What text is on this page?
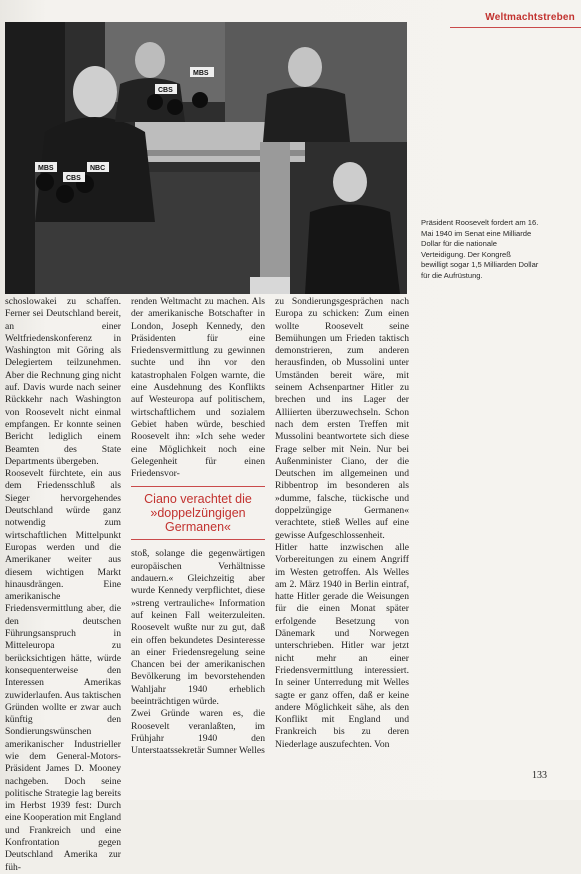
Weltmachtstreben
MBS
CBS
NBC
CBS
MBS
Präsident Roosevelt fordert am 16. Mai 1940 im Senat eine Milliarde Dollar für die nationale Verteidigung. Der Kongreß bewilligt sogar 1,5 Milliarden Dollar für die Aufrüstung.

schoslowakei zu schaffen. Ferner sei Deutschland bereit, an einer Weltfriedenskonferenz in Washington mit Göring als Delegiertem teilzunehmen. Aber die Rechnung ging nicht auf. Davis wurde nach seiner Rückkehr nach Washington von Roosevelt nicht einmal empfangen. Er konnte seinen Bericht lediglich einem Beamten des State Departments übergeben.

Roosevelt fürchtete, ein aus dem Friedensschluß als Sieger hervorgehendes Deutschland würde ganz notwendig zum wirtschaftlichen Mittelpunkt Europas werden und die Amerikaner weiter aus diesem wichtigen Markt hinausdrängen. Eine amerikanische Friedensvermittlung aber, die den deutschen Führungsanspruch in Mitteleuropa zu berücksichtigen hätte, würde konsequenterweise den Interessen Amerikas zuwiderlaufen. Aus taktischen Gründen wollte er zwar auch künftig den Sondierungswünschen amerikanischer Industrieller wie dem General-Motors-Präsident James D. Mooney nachgeben. Doch seine politische Strategie lag bereits im Herbst 1939 fest: Durch eine Kooperation mit England und Frankreich und eine Konfrontation gegen Deutschland Amerika zur füh-

renden Weltmacht zu machen. Als der amerikanische Botschafter in London, Joseph Kennedy, den Präsidenten für eine Friedensvermittlung zu gewinnen suchte und ihn vor den katastrophalen Folgen warnte, die eine Ausdehnung des Konflikts auf Westeuropa auf politischem, wirtschaftlichem und sozialem Gebiet haben würde, beschied Roosevelt ihn: »Ich sehe weder eine Möglichkeit noch eine Gelegenheit für einen Friedensvor-

Ciano verachtet die »doppelzüngigen Germanen«

stoß, solange die gegenwärtigen europäischen Verhältnisse andauern.« Gleichzeitig aber wurde Kennedy verpflichtet, diese »streng vertrauliche« Information auf keinen Fall weiterzuleiten. Roosevelt wußte nur zu gut, daß ein offen bekundetes Desinteresse an einer Friedensregelung seine Chancen bei der amerikanischen Bevölkerung im bevorstehenden Wahljahr 1940 erheblich beeinträchtigen würde.

Zwei Gründe waren es, die Roosevelt veranlaßten, im Frühjahr 1940 den Unterstaatssekretär Sumner Welles

zu Sondierungsgesprächen nach Europa zu schicken: Zum einen wollte Roosevelt seine Bemühungen um Frieden taktisch demonstrieren, zum anderen herausfinden, ob Mussolini unter Umständen bereit wäre, mit seinem Achsenpartner Hitler zu brechen und ins Lager der Alliierten überzuwechseln. Schon nach dem ersten Treffen mit Mussolini beantwortete sich diese Frage selber mit Nein. Nur bei Außenminister Ciano, der die Deutschen im allgemeinen und Ribbentrop im besonderen als »dumme, falsche, tückische und doppelzüngige Germanen« verachtete, stieß Welles auf eine gewisse Aufgeschlossenheit.

Hitler hatte inzwischen alle Vorbereitungen zu einem Angriff im Westen getroffen. Als Welles am 2. März 1940 in Berlin eintraf, hatte Hitler gerade die Weisungen für die einen Monat später erfolgende Besetzung von Dänemark und Norwegen unterschrieben. Hitler war jetzt nicht mehr an einer Friedensvermittlung interessiert. In seiner Unterredung mit Welles sagte er ganz offen, daß er keine andere Möglichkeit sähe, als den Konflikt mit England und Frankreich bis zu deren Niederlage auszufechten. Von

133
